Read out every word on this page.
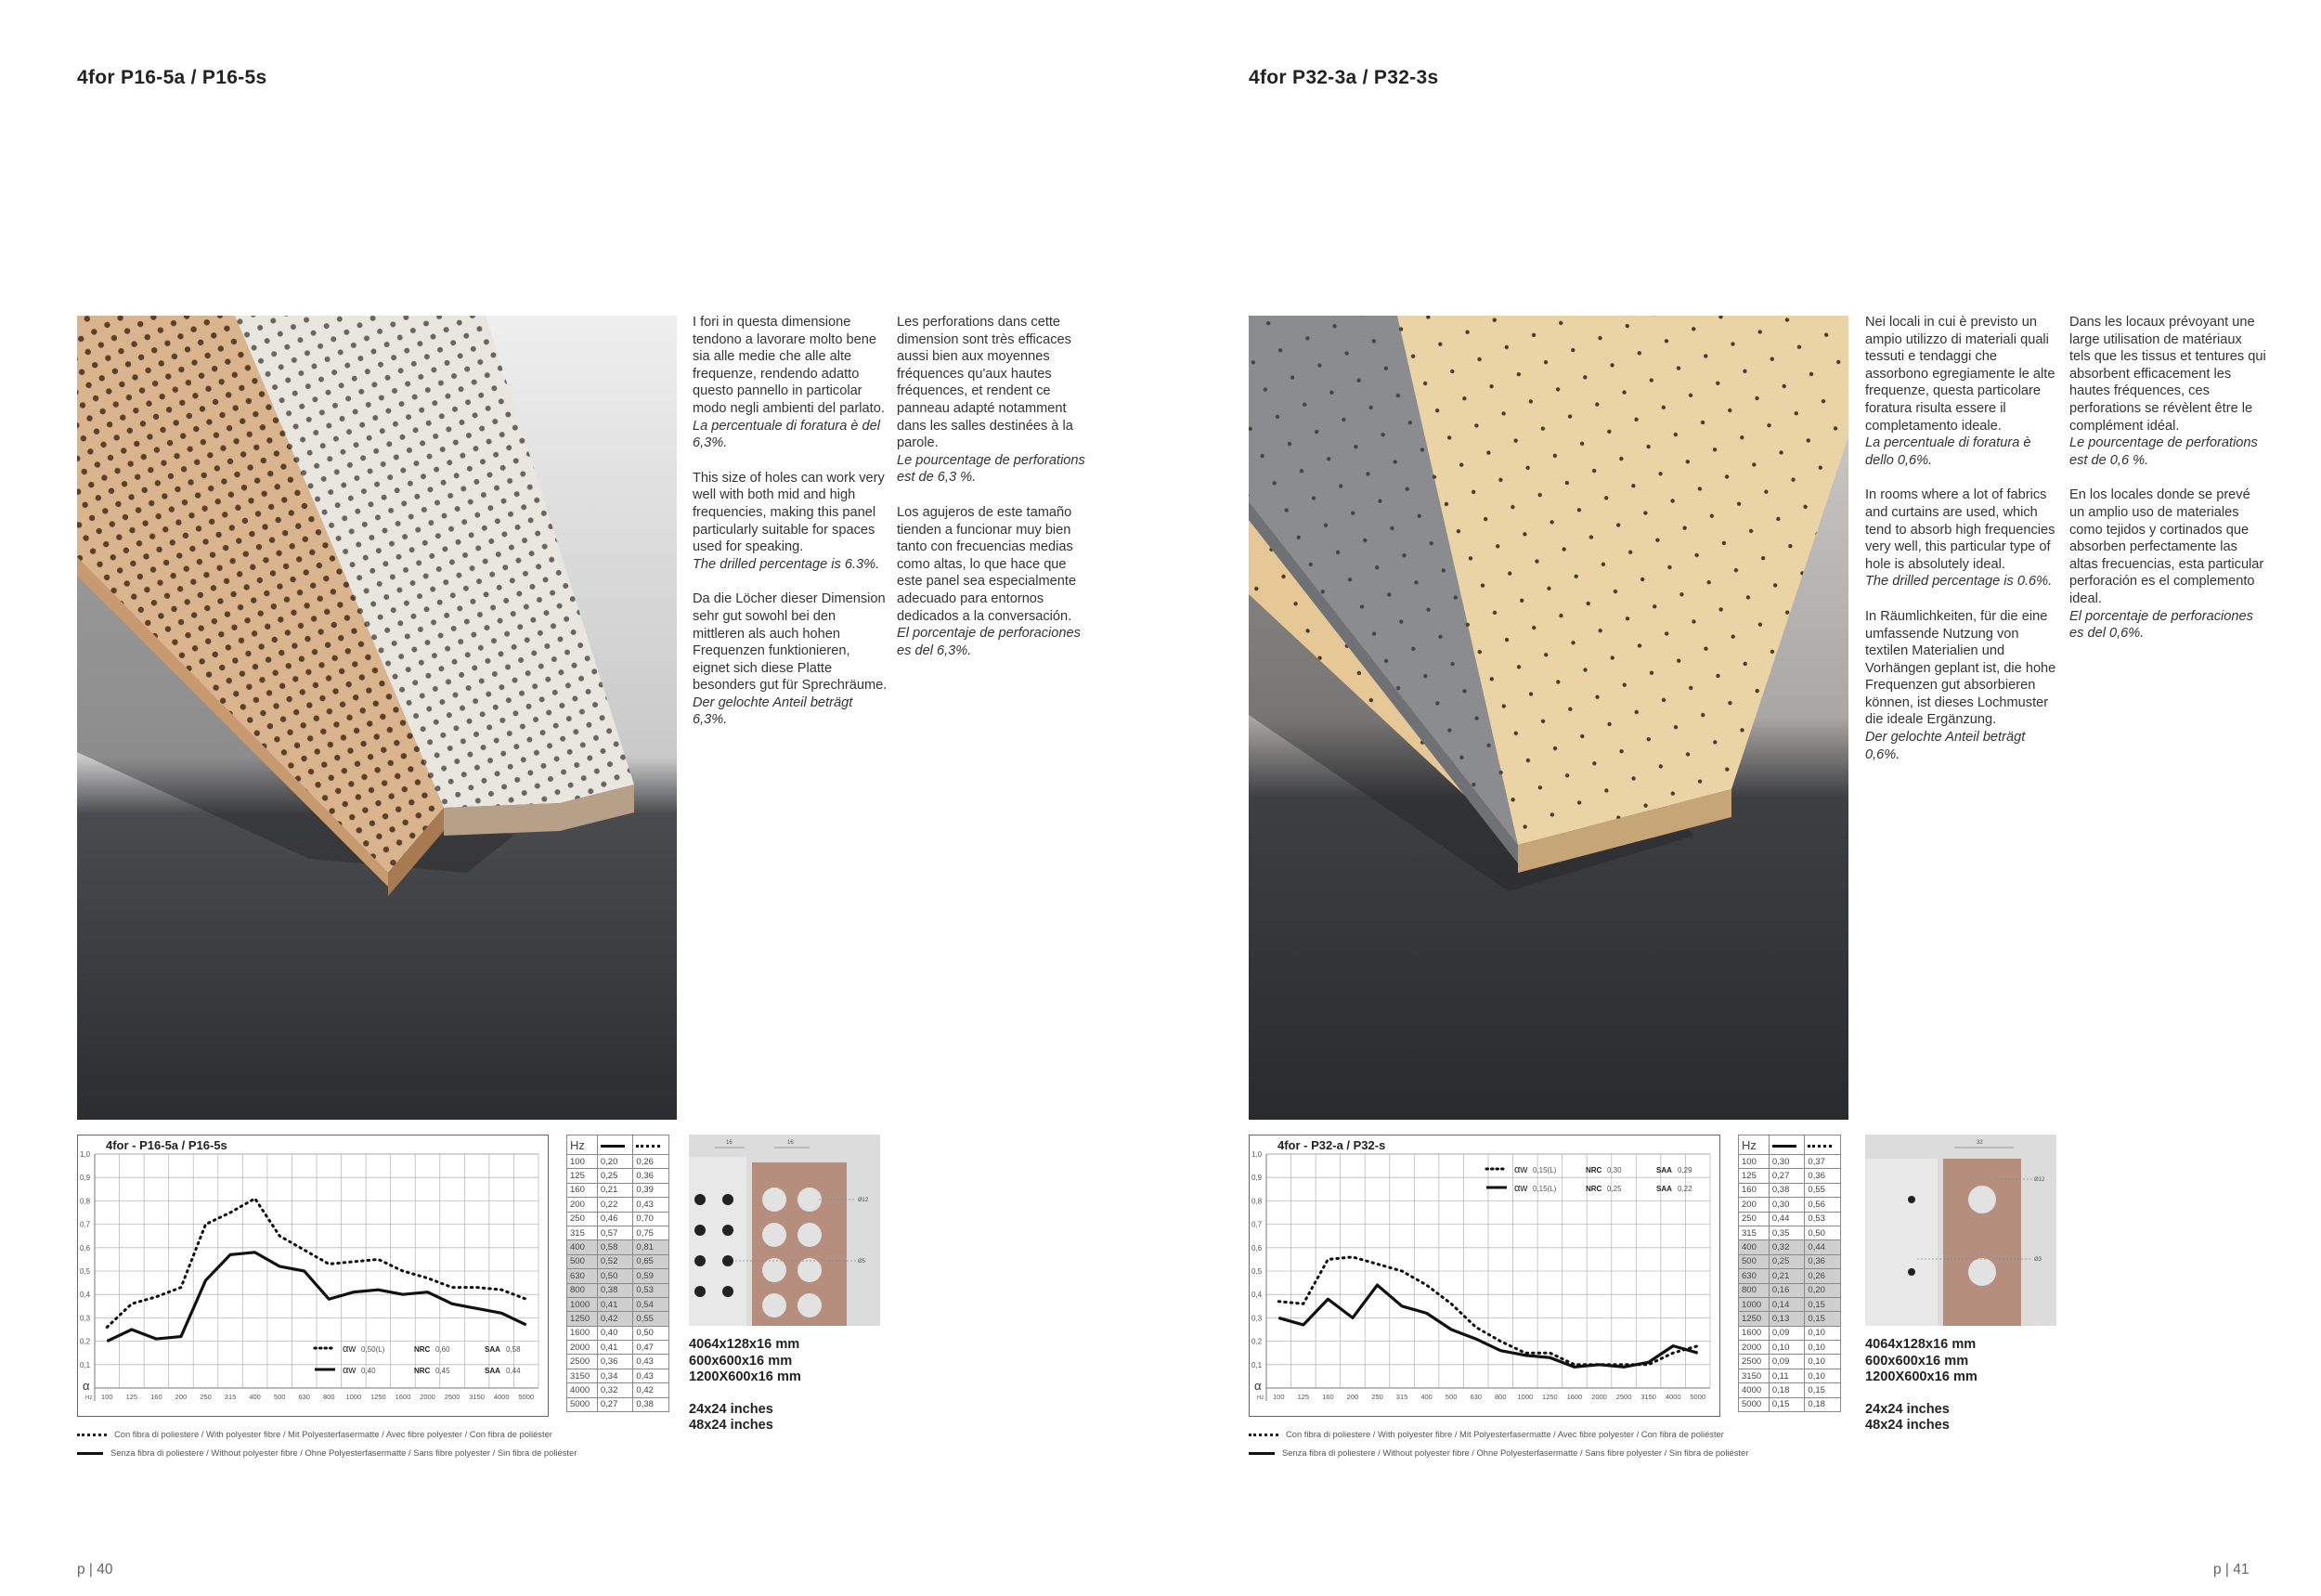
4for P16-5a / P16-5s

I fori in questa dimensione tendono a lavorare molto bene sia alle medie che alle alte frequenze, rendendo adatto questo pannello in particolar modo negli ambienti del parlato.
La percentuale di foratura è del 6,3%.

This size of holes can work very well with both mid and high frequencies, making this panel particularly suitable for spaces used for speaking.
The drilled percentage is 6.3%.

Da die Löcher dieser Dimension sehr gut sowohl bei den mittleren als auch hohen Frequenzen funktionieren, eignet sich diese Platte besonders gut für Sprechräume.
Der gelochte Anteil beträgt 6,3%.

Les perforations dans cette dimension sont très efficaces aussi bien aux moyennes fréquences qu'aux hautes fréquences, et rendent ce panneau adapté notamment dans les salles destinées à la parole.
Le pourcentage de perforations est de 6,3 %.

Los agujeros de este tamaño tienden a funcionar muy bien tanto con frecuencias medias como altas, lo que hace que este panel sea especialmente adecuado para entornos dedicados a la conversación.
El porcentaje de perforaciones es del 6,3%.

4for - P16-5a / P16-5s
1,0
0,9
0,8
0,7
0,6
0,5
0,4
0,3
0,2
0,1
100 125 160 200 250 315 400 500 630 800 1000 1250 1600 2000 2500 3150 4000 5000
α
Hz
αw 0,50(L)	NRC 0,60	SAA 0,58
αw 0,40	NRC 0,45	SAA 0,44
Hz		
100	0,20	0,26
125	0,25	0,36
160	0,21	0,39
200	0,22	0,43
250	0,46	0,70
315	0,57	0,75
400	0,58	0,81
500	0,52	0,65
630	0,50	0,59
800	0,38	0,53
1000	0,41	0,54
1250	0,42	0,55
1600	0,40	0,50
2000	0,41	0,47
2500	0,36	0,43
3150	0,34	0,43
4000	0,32	0,42
5000	0,27	0,38
16	16
Ø12
Ø5
4064x128x16 mm
600x600x16 mm
1200X600x16 mm
24x24 inches
48x24 inches
Con fibra di poliestere / With polyester fibre / Mit Polyesterfasermatte / Avec fibre polyester / Con fibra de poliéster
Senza fibra di poliestere / Without polyester fibre / Ohne Polyesterfasermatte / Sans fibre polyester / Sin fibra de poliéster
p | 40
4for P32-3a / P32-3s

Nei locali in cui è previsto un ampio utilizzo di materiali quali tessuti e tendaggi che assorbono egregiamente le alte frequenze, questa particolare foratura risulta essere il completamento ideale.
La percentuale di foratura è dello 0,6%.

In rooms where a lot of fabrics and curtains are used, which tend to absorb high frequencies very well, this particular type of hole is absolutely ideal.
The drilled percentage is 0.6%.

In Räumlichkeiten, für die eine umfassende Nutzung von textilen Materialien und Vorhängen geplant ist, die hohe Frequenzen gut absorbieren können, ist dieses Lochmuster die ideale Ergänzung.
Der gelochte Anteil beträgt 0,6%.

Dans les locaux prévoyant une large utilisation de matériaux tels que les tissus et tentures qui absorbent efficacement les hautes fréquences, ces perforations se révèlent être le complément idéal.
Le pourcentage de perforations est de 0,6 %.

En los locales donde se prevé un amplio uso de materiales como tejidos y cortinados que absorben perfectamente las altas frecuencias, esta particular perforación es el complemento ideal.
El porcentaje de perforaciones es del 0,6%.

4for - P32-a / P32-s
1,0
0,9
0,8
0,7
0,6
0,5
0,4
0,3
0,2
0,1
100 125 160 200 250 315 400 500 630 800 1000 1250 1600 2000 2500 3150 4000 5000
α
Hz
αw 0,15(L)	NRC 0,30	SAA 0,29
αw 0,15(L)	NRC 0,25	SAA 0,22
Hz		
100	0,30	0,37
125	0,27	0,36
160	0,38	0,55
200	0,30	0,56
250	0,44	0,53
315	0,35	0,50
400	0,32	0,44
500	0,25	0,36
630	0,21	0,26
800	0,16	0,20
1000	0,14	0,15
1250	0,13	0,15
1600	0,09	0,10
2000	0,10	0,10
2500	0,09	0,10
3150	0,11	0,10
4000	0,18	0,15
5000	0,15	0,18
32
Ø12
Ø3
4064x128x16 mm
600x600x16 mm
1200X600x16 mm
24x24 inches
48x24 inches
Con fibra di poliestere / With polyester fibre / Mit Polyesterfasermatte / Avec fibre polyester / Con fibra de poliéster
Senza fibra di poliestere / Without polyester fibre / Ohne Polyesterfasermatte / Sans fibre polyester / Sin fibra de poliéster
p | 41
